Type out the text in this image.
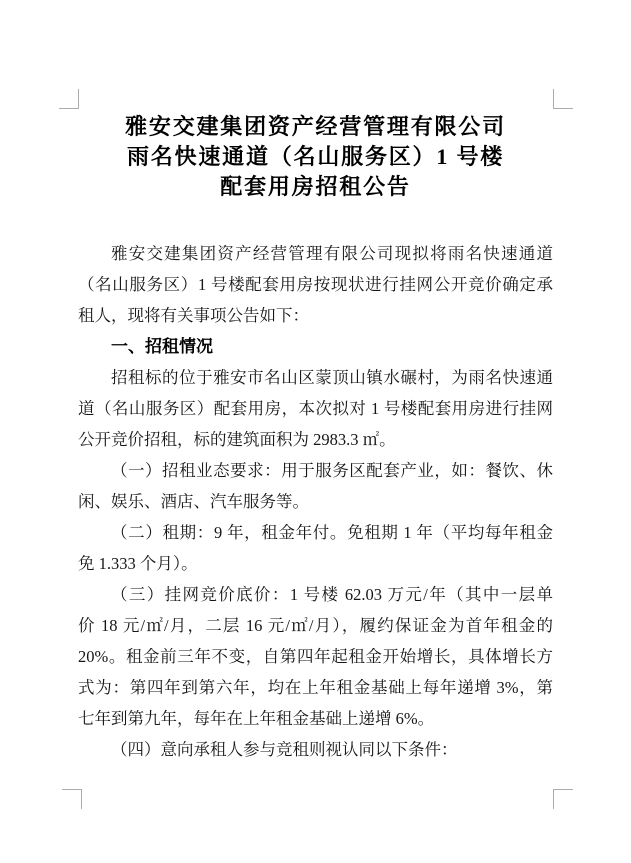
雅安交建集团资产经营管理有限公司
雨名快速通道（名山服务区）1 号楼
配套用房招租公告
雅安交建集团资产经营管理有限公司现拟将雨名快速通道
（名山服务区）1 号楼配套用房按现状进行挂网公开竞价确定承
租人，现将有关事项公告如下：
一、招租情况
招租标的位于雅安市名山区蒙顶山镇水碾村，为雨名快速通
道（名山服务区）配套用房，本次拟对 1 号楼配套用房进行挂网
公开竞价招租，标的建筑面积为 2983.3 ㎡。
（一）招租业态要求：用于服务区配套产业，如：餐饮、休
闲、娱乐、酒店、汽车服务等。
（二）租期：9 年，租金年付。免租期 1 年（平均每年租金
免 1.333 个月）。
（三）挂网竞价底价：1 号楼 62.03 万元/年（其中一层单
价 18 元/㎡/月，二层 16 元/㎡/月），履约保证金为首年租金的
20%。租金前三年不变，自第四年起租金开始增长，具体增长方
式为：第四年到第六年，均在上年租金基础上每年递增 3%，第
七年到第九年，每年在上年租金基础上递增 6%。
（四）意向承租人参与竞租则视认同以下条件：
